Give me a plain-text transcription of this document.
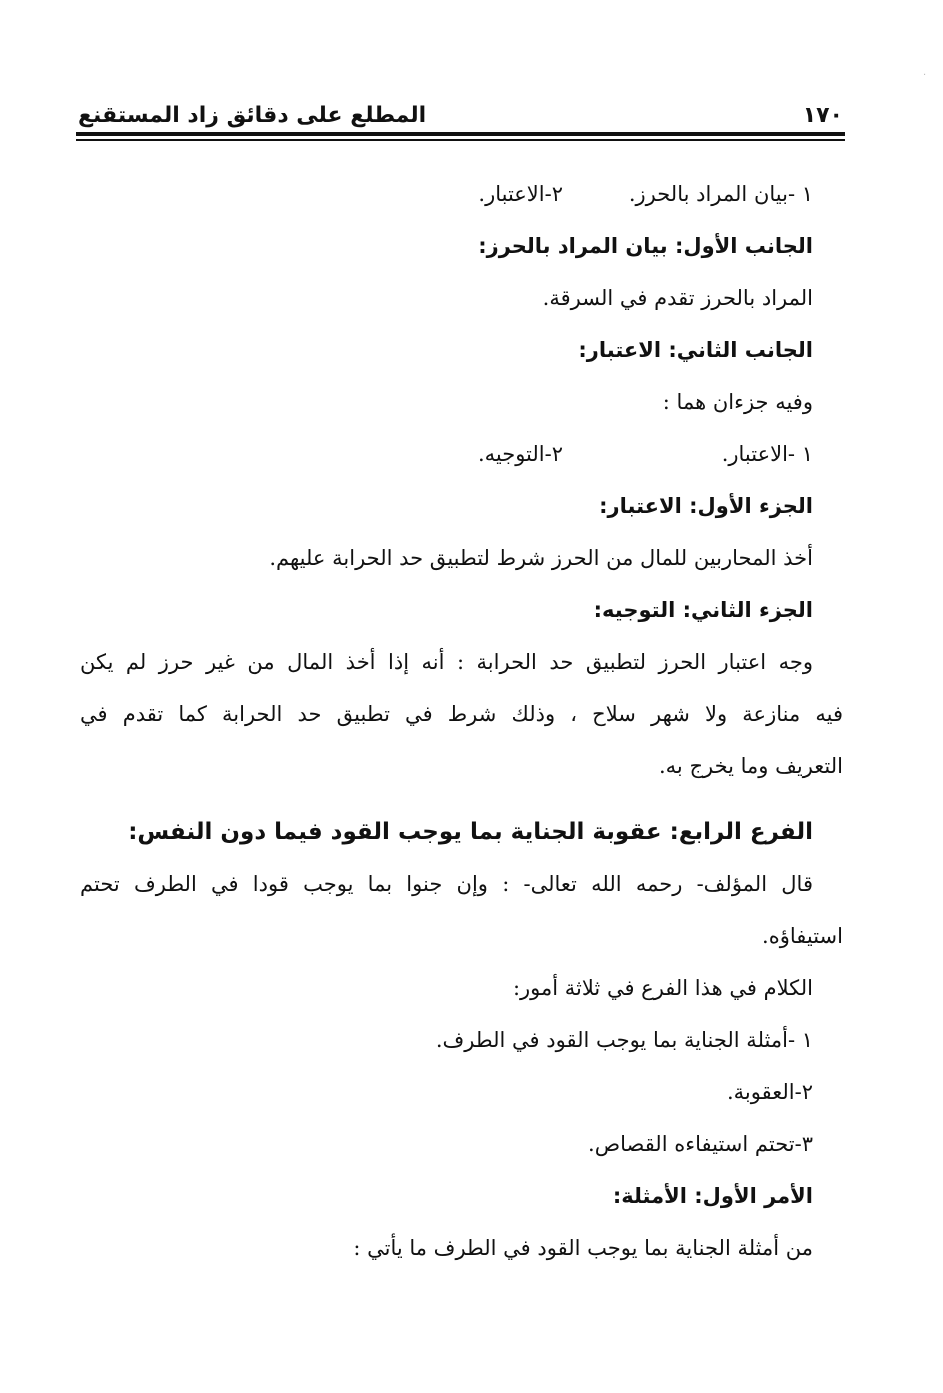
·
١٧٠
المطلع على دقائق زاد المستقنع
١ -بيان المراد بالحرز.
٢-الاعتبار.
الجانب الأول: بيان المراد بالحرز:
المراد بالحرز تقدم في السرقة.
الجانب الثاني: الاعتبار:
وفيه جزءان هما :
١ -الاعتبار.
٢-التوجيه.
الجزء الأول: الاعتبار:
أخذ المحاربين للمال من الحرز شرط لتطبيق حد الحرابة عليهم.
الجزء الثاني: التوجيه:
وجه اعتبار الحرز لتطبيق حد الحرابة : أنه إذا أخذ المال من غير حرز لم يكن
فيه منازعة ولا شهر سلاح ، وذلك شرط في تطبيق حد الحرابة كما تقدم في
التعريف وما يخرج به.
الفرع الرابع: عقوبة الجناية بما يوجب القود فيما دون النفس:
قال المؤلف- رحمه الله تعالى- : وإن جنوا بما يوجب قودا في الطرف تحتم
استيفاؤه.
الكلام في هذا الفرع في ثلاثة أمور:
١ -أمثلة الجناية بما يوجب القود في الطرف.
٢-العقوبة.
٣-تحتم استيفاءه القصاص.
الأمر الأول: الأمثلة:
من أمثلة الجناية بما يوجب القود في الطرف ما يأتي :
